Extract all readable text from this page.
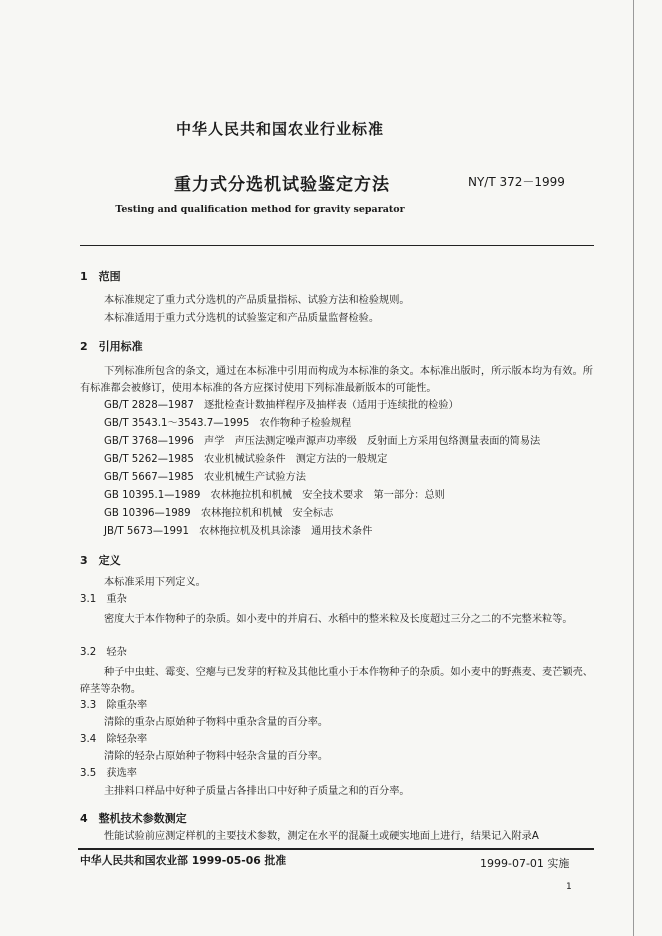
中华人民共和国农业行业标准
重力式分选机试验鉴定方法	NY/T 372－1999
Testing and qualification method for gravity separator
1　范围
本标准规定了重力式分选机的产品质量指标、试验方法和检验规则。
本标准适用于重力式分选机的试验鉴定和产品质量监督检验。
2　引用标准
下列标准所包含的条文，通过在本标准中引用而构成为本标准的条文。本标准出版时，所示版本均为有效。所有标准都会被修订，使用本标准的各方应探讨使用下列标准最新版本的可能性。
GB/T 2828—1987　逐批检查计数抽样程序及抽样表（适用于连续批的检验）
GB/T 3543.1～3543.7—1995　农作物种子检验规程
GB/T 3768—1996　声学　声压法测定噪声源声功率级　反射面上方采用包络测量表面的简易法
GB/T 5262—1985　农业机械试验条件　测定方法的一般规定
GB/T 5667—1985　农业机械生产试验方法
GB 10395.1—1989　农林拖拉机和机械　安全技术要求　第一部分：总则
GB 10396—1989　农林拖拉机和机械　安全标志
JB/T 5673—1991　农林拖拉机及机具涂漆　通用技术条件
3　定义
本标准采用下列定义。
3.1　重杂
密度大于本作物种子的杂质。如小麦中的并肩石、水稻中的整米粒及长度超过三分之二的不完整米粒等。
3.2　轻杂
种子中虫蛀、霉变、空瘪与已发芽的籽粒及其他比重小于本作物种子的杂质。如小麦中的野燕麦、麦芒颖壳、碎茎等杂物。
3.3　除重杂率
清除的重杂占原始种子物料中重杂含量的百分率。
3.4　除轻杂率
清除的轻杂占原始种子物料中轻杂含量的百分率。
3.5　获选率
主排料口样品中好种子质量占各排出口中好种子质量之和的百分率。
4　整机技术参数测定
性能试验前应测定样机的主要技术参数，测定在水平的混凝土或硬实地面上进行，结果记入附录A
中华人民共和国农业部 1999-05-06 批准	1999-07-01 实施
1
